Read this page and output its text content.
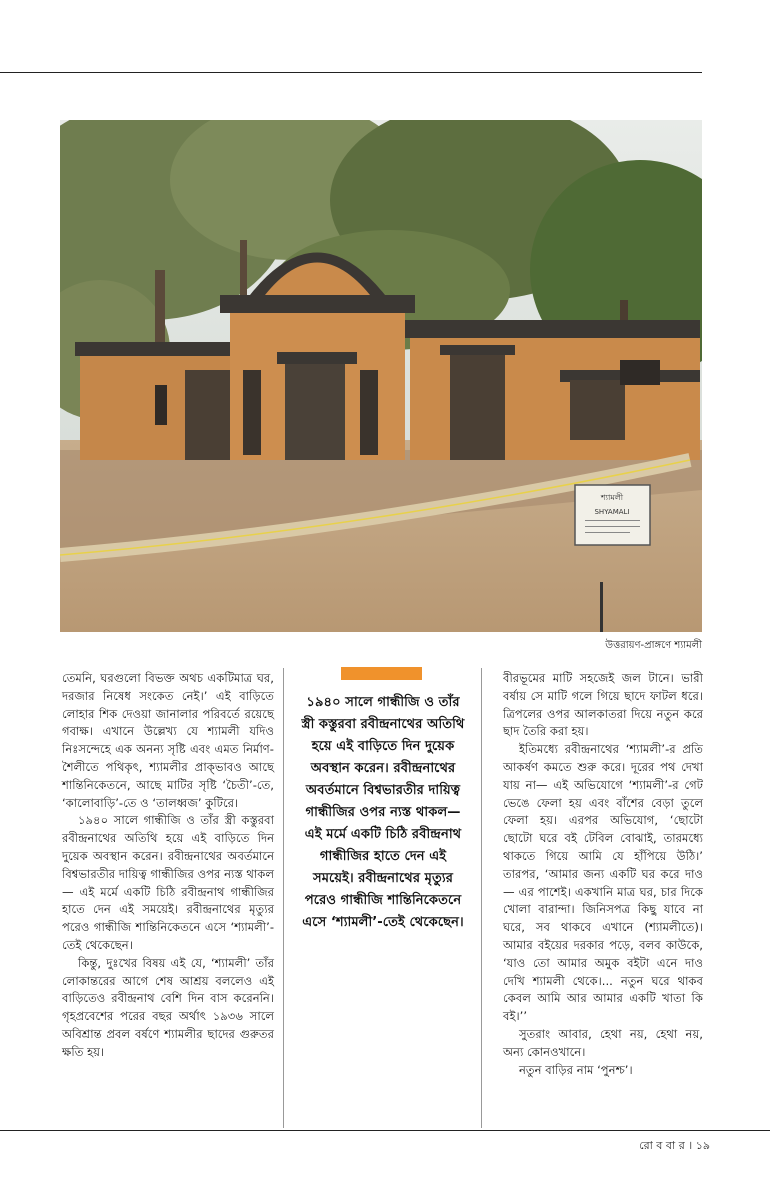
শ্যামলী
SHYAMALI
উত্তরায়ণ-প্রাঙ্গণে শ্যামলী

তেমনি, ঘরগুলো বিভক্ত অথচ একটিমাত্র ঘর, দরজার নিষেধ সংকেত নেই।’ এই বাড়িতে লোহার শিক দেওয়া জানালার পরিবর্তে রয়েছে গবাক্ষ। এখানে উল্লেখ্য যে শ্যামলী যদিও নিঃসন্দেহে এক অনন্য সৃষ্টি এবং এমত নির্মাণ-শৈলীতে পথিকৃৎ, শ্যামলীর প্রাক্ভাবও আছে শান্তিনিকেতনে, আছে মাটির সৃষ্টি ‘চৈতী’-তে, ‘কালোবাড়ি’-তে ও ‘তালধ্বজ’ কুটিরে।

১৯৪০ সালে গান্ধীজি ও তাঁর স্ত্রী কস্তুরবা রবীন্দ্রনাথের অতিথি হয়ে এই বাড়িতে দিন দুয়েক অবস্থান করেন। রবীন্দ্রনাথের অবর্তমানে বিশ্বভারতীর দায়িত্ব গান্ধীজির ওপর ন্যস্ত থাকল— এই মর্মে একটি চিঠি রবীন্দ্রনাথ গান্ধীজির হাতে দেন এই সময়েই। রবীন্দ্রনাথের মৃত্যুর পরেও গান্ধীজি শান্তিনিকেতনে এসে ‘শ্যামলী’-তেই থেকেছেন।

কিন্তু, দুঃখের বিষয় এই যে, ‘শ্যামলী’ তাঁর লোকান্তরের আগে শেষ আশ্রয় বললেও এই বাড়িতেও রবীন্দ্রনাথ বেশি দিন বাস করেননি। গৃহপ্রবেশের পরের বছর অর্থাৎ ১৯৩৬ সালে অবিশ্রান্ত প্রবল বর্ষণে শ্যামলীর ছাদের গুরুতর ক্ষতি হয়।

১৯৪০ সালে গান্ধীজি ও তাঁর স্ত্রী কস্তুরবা রবীন্দ্রনাথের অতিথি হয়ে এই বাড়িতে দিন দুয়েক অবস্থান করেন। রবীন্দ্রনাথের অবর্তমানে বিশ্বভারতীর দায়িত্ব গান্ধীজির ওপর ন্যস্ত থাকল— এই মর্মে একটি চিঠি রবীন্দ্রনাথ গান্ধীজির হাতে দেন এই সময়েই। রবীন্দ্রনাথের মৃত্যুর পরেও গান্ধীজি শান্তিনিকেতনে এসে ‘শ্যামলী’-তেই থেকেছেন।

বীরভূমের মাটি সহজেই জল টানে। ভারী বর্ষায় সে মাটি গলে গিয়ে ছাদে ফাটল ধরে। ত্রিপলের ওপর আলকাতরা দিয়ে নতুন করে ছাদ তৈরি করা হয়।

ইতিমধ্যে রবীন্দ্রনাথের ‘শ্যামলী’-র প্রতি আকর্ষণ কমতে শুরু করে। দূরের পথ দেখা যায় না— এই অভিযোগে ‘শ্যামলী’-র গেট ভেঙে ফেলা হয় এবং বাঁশের বেড়া তুলে ফেলা হয়। এরপর অভিযোগ, ‘ছোটো ছোটো ঘরে বই টেবিল বোঝাই, তারমধ্যে থাকতে গিয়ে আমি যে হাঁপিয়ে উঠি।’ তারপর, ‘আমার জন্য একটি ঘর করে দাও— এর পাশেই। একখানি মাত্র ঘর, চার দিকে খোলা বারান্দা। জিনিসপত্র কিছু যাবে না ঘরে, সব থাকবে এখানে (শ্যামলীতে)। আমার বইয়ের দরকার পড়ে, বলব কাউকে, ‘যাও তো আমার অমুক বইটা এনে দাও দেখি শ্যামলী থেকে।... নতুন ঘরে থাকব কেবল আমি আর আমার একটি খাতা কি বই।’’

সুতরাং আবার, হেথা নয়, হেথা নয়, অন্য কোনওখানে।

নতুন বাড়ির নাম ‘পুনশ্চ’।

রো ব বা র । ১৯
